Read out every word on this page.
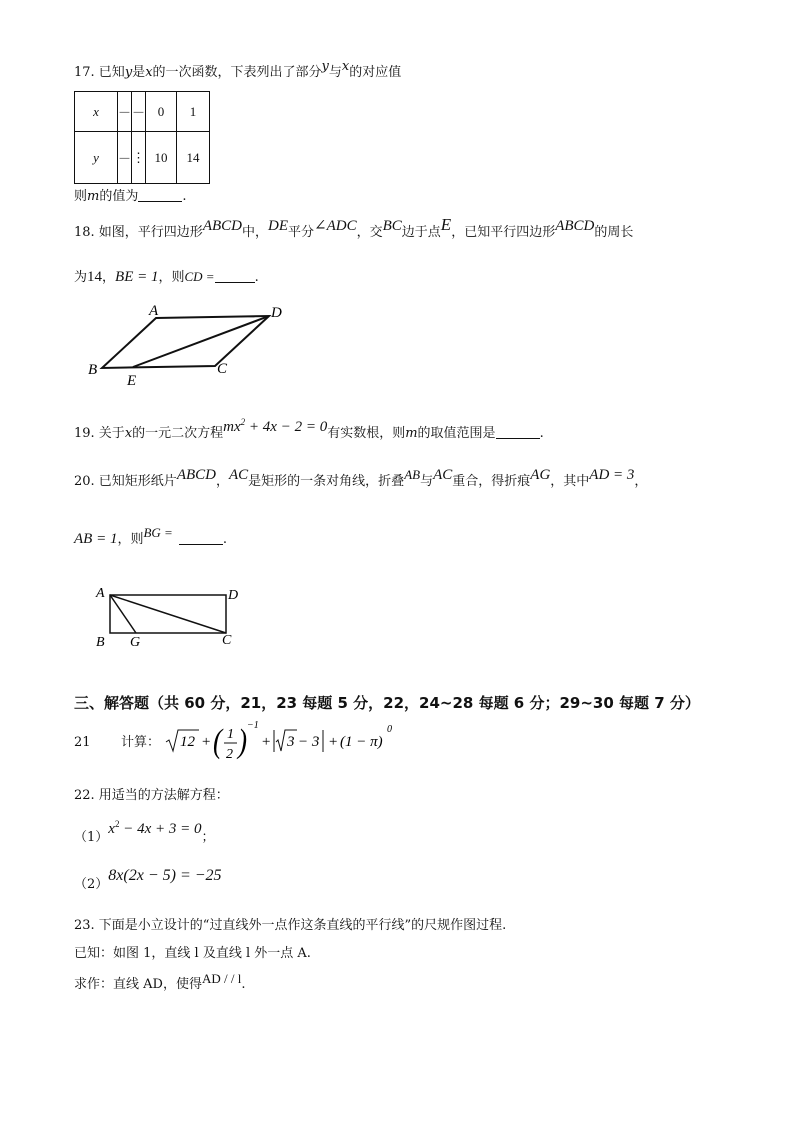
17. 已知y是x的一次函数，下表列出了部分y与x的对应值
x	－	－	0	1
y	－	⋮	10	14
则m的值为	.
18. 如图，平行四边形ABCD中，DE平分∠ADC，交BC边于点E，已知平行四边形ABCD的周长
为14，BE = 1，则CD =	.
A	D
B
E
C
19. 关于x的一元二次方程$mx^2 + 4x - 2 = 0$有实数根，则m的取值范围是	.
20. 已知矩形纸片ABCD，AC是矩形的一条对角线，折叠AB与AC重合，得折痕AG，其中AD = 3，
AB = 1，则BG =	.
A	D
B G	C
三、解答题（共 60 分，21，23 每题 5 分，22，24~28 每题 6 分；29~30 每题 7 分）
21 计算： 12 + ( 1
2 ) −1
+ 3 − 3 + (1 − π)
0
22. 用适当的方法解方程：
$(1)x^2 - 4x + 3 = 0$；
（2）8x(2x − 5) = −25
23. 下面是小立设计的“过直线外一点作这条直线的平行线”的尺规作图过程.
已知：如图 1，直线 l 及直线 l 外一点 A.
求作：直线 AD，使得AD / / l.
